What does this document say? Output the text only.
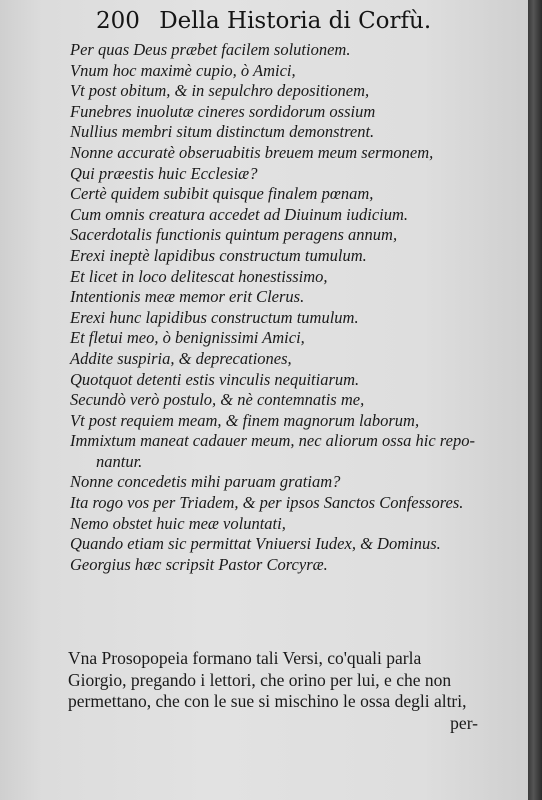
200 Della Historia di Corfù.
Per quas Deus præbet facilem solutionem.
Vnum hoc maximè cupio, ò Amici,
Vt post obitum, & in sepulchro depositionem,
Funebres inuolutæ cineres sordidorum ossium
Nullius membri situm distinctum demonstrent.
Nonne accuratè obseruabitis breuem meum sermonem,
Qui præestis huic Ecclesiæ?
Certè quidem subibit quisque finalem pœnam,
Cum omnis creatura accedet ad Diuinum iudicium.
Sacerdotalis functionis quintum peragens annum,
Erexi ineptè lapidibus constructum tumulum.
Et licet in loco delitescat honestissimo,
Intentionis meæ memor erit Clerus.
Erexi hunc lapidibus constructum tumulum.
Et fletui meo, ò benignissimi Amici,
Addite suspiria, & deprecationes,
Quotquot detenti estis vinculis nequitiarum.
Secundò verò postulo, & nè contemnatis me,
Vt post requiem meam, & finem magnorum laborum,
Immixtum maneat cadauer meum, nec aliorum ossa hic repo-
nantur.
Nonne concedetis mihi paruam gratiam?
Ita rogo vos per Triadem, & per ipsos Sanctos Confessores.
Nemo obstet huic meæ voluntati,
Quando etiam sic permittat Vniuersi Iudex, & Dominus.
Georgius hæc scripsit Pastor Corcyræ.
Vna Prosopopeia formano tali Versi, co'quali parla
Giorgio, pregando i lettori, che orino per lui, e che non
permettano, che con le sue si mischino le ossa degli altri,
per-
